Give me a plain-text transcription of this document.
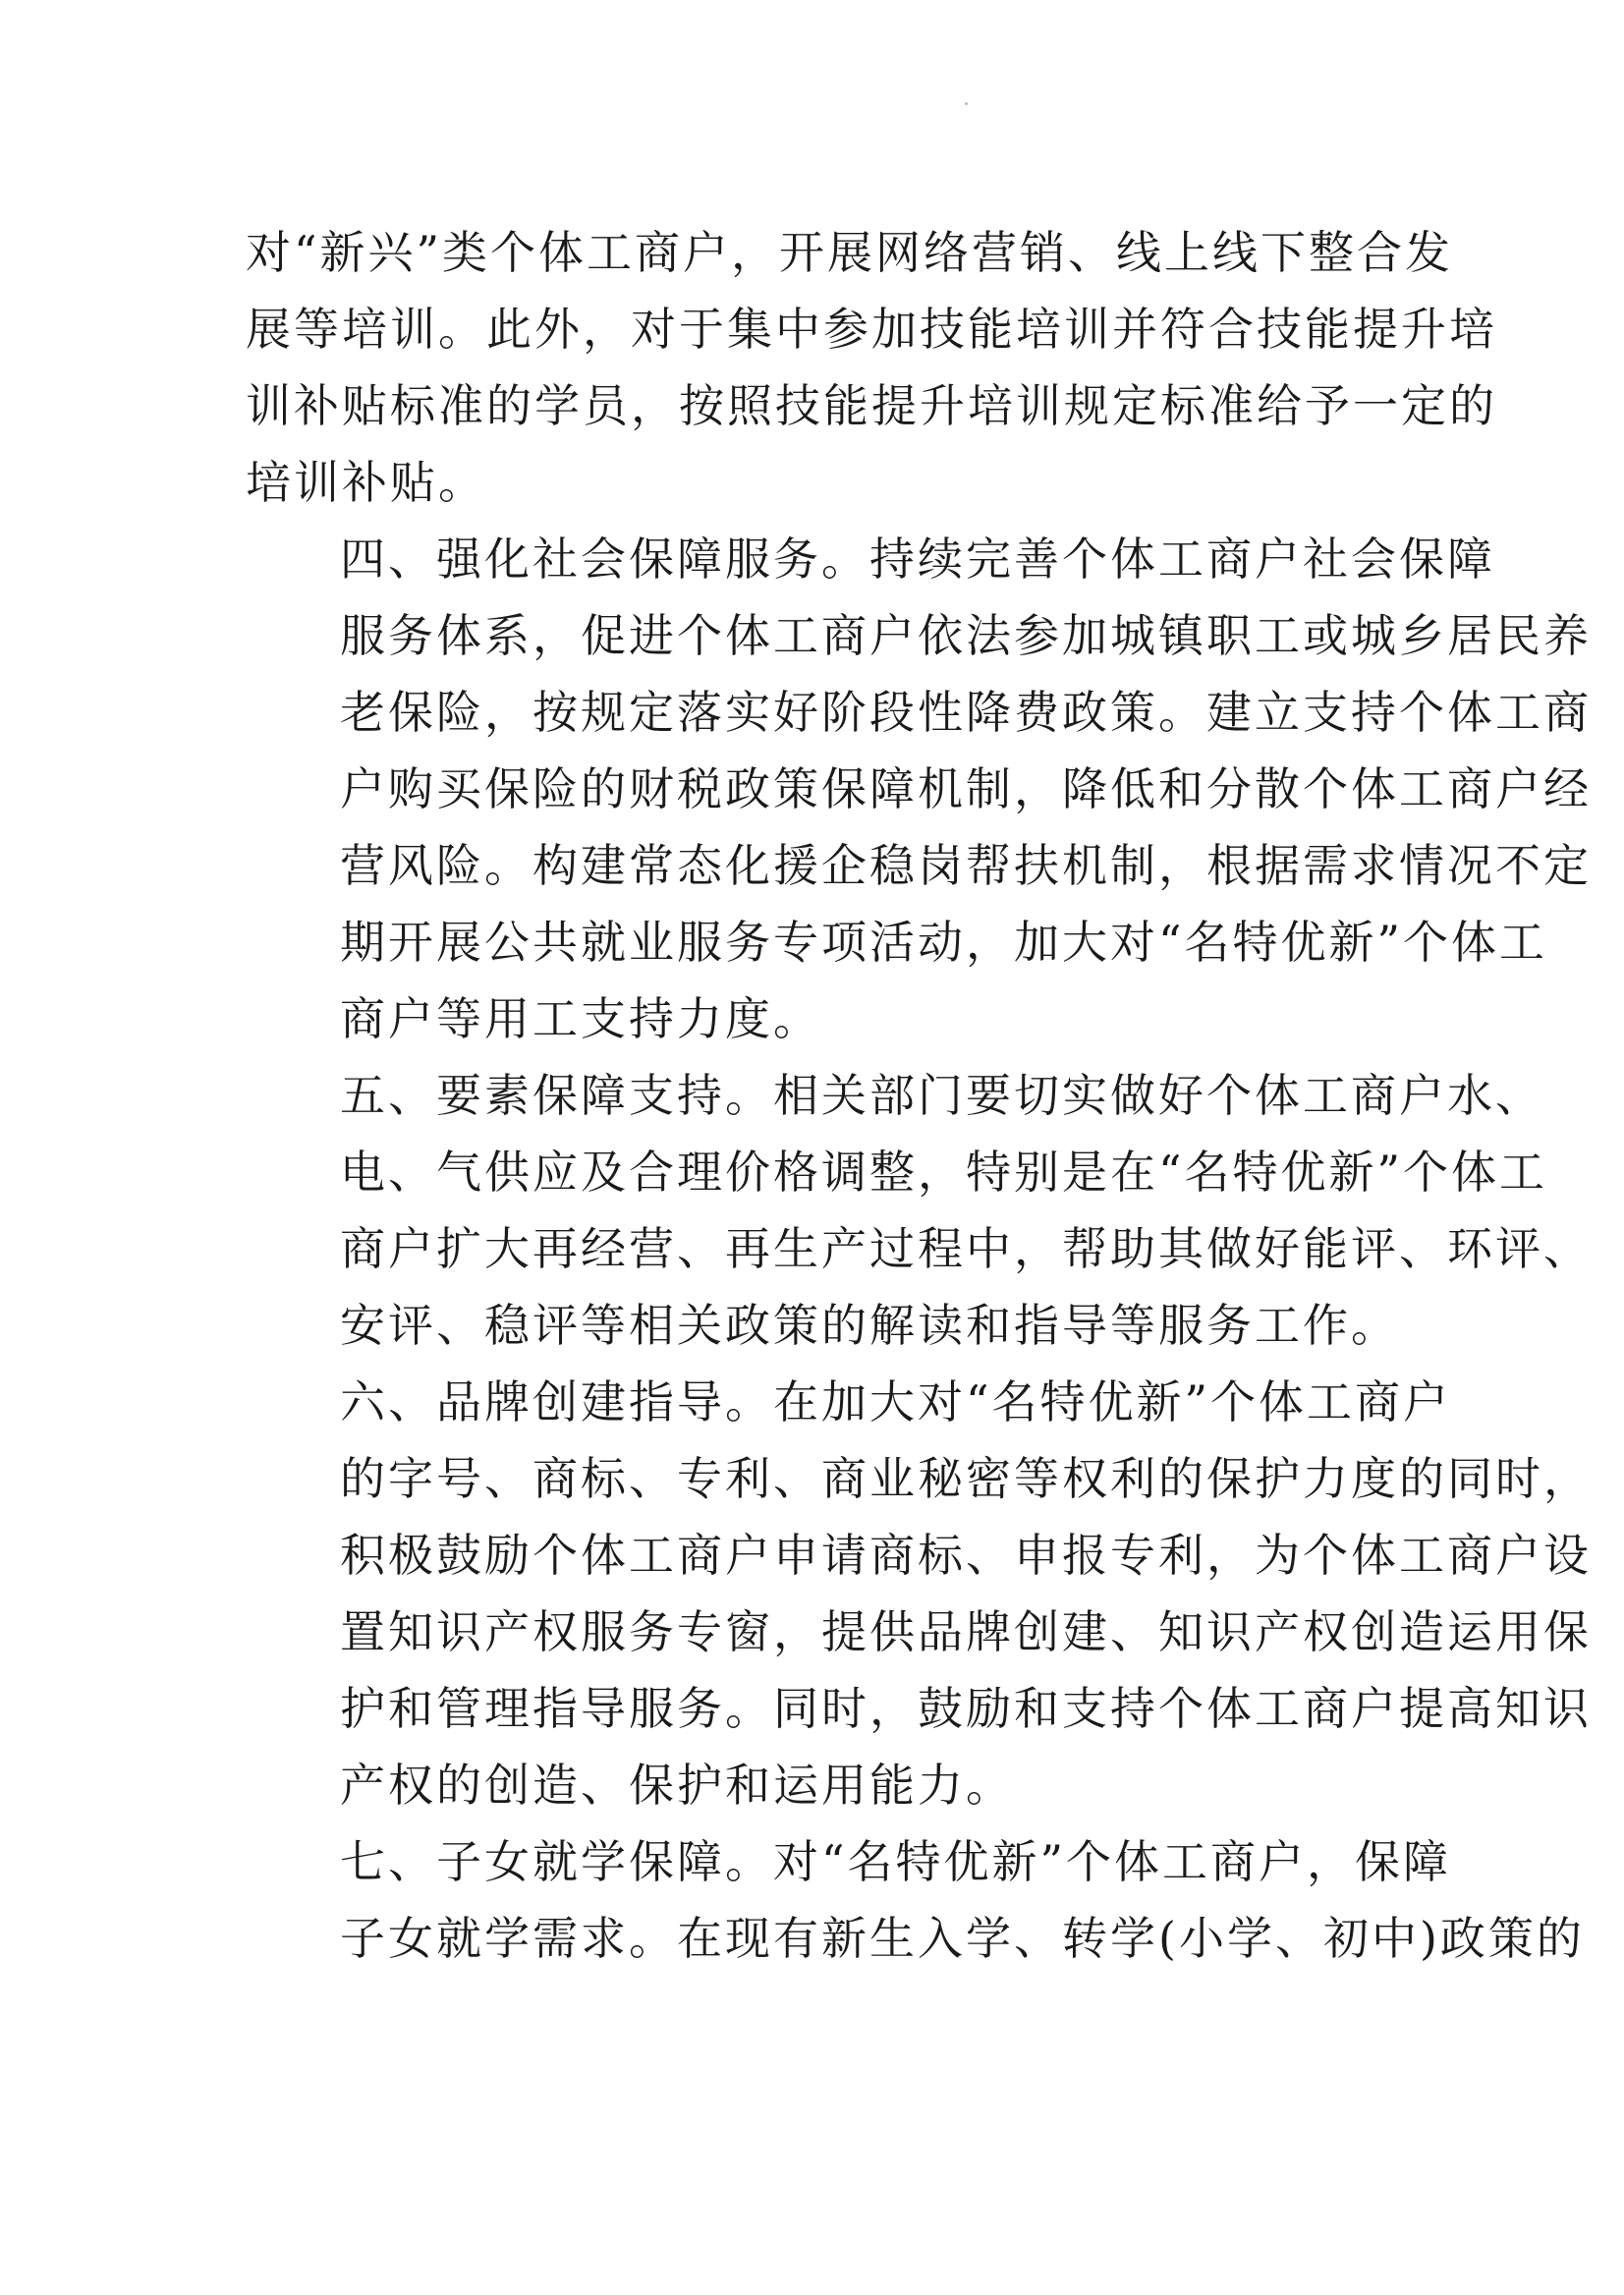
对“新兴”类个体工商户，开展网络营销、线上线下整合发
展等培训。此外，对于集中参加技能培训并符合技能提升培
训补贴标准的学员，按照技能提升培训规定标准给予一定的
培训补贴。

四、强化社会保障服务。持续完善个体工商户社会保障
服务体系，促进个体工商户依法参加城镇职工或城乡居民养
老保险，按规定落实好阶段性降费政策。建立支持个体工商
户购买保险的财税政策保障机制，降低和分散个体工商户经
营风险。构建常态化援企稳岗帮扶机制，根据需求情况不定
期开展公共就业服务专项活动，加大对“名特优新”个体工
商户等用工支持力度。

五、要素保障支持。相关部门要切实做好个体工商户水、
电、气供应及合理价格调整，特别是在“名特优新”个体工
商户扩大再经营、再生产过程中，帮助其做好能评、环评、
安评、稳评等相关政策的解读和指导等服务工作。

六、品牌创建指导。在加大对“名特优新”个体工商户
的字号、商标、专利、商业秘密等权利的保护力度的同时，
积极鼓励个体工商户申请商标、申报专利，为个体工商户设
置知识产权服务专窗，提供品牌创建、知识产权创造运用保
护和管理指导服务。同时，鼓励和支持个体工商户提高知识
产权的创造、保护和运用能力。

七、子女就学保障。对“名特优新”个体工商户，保障
子女就学需求。在现有新生入学、转学(小学、初中)政策的
